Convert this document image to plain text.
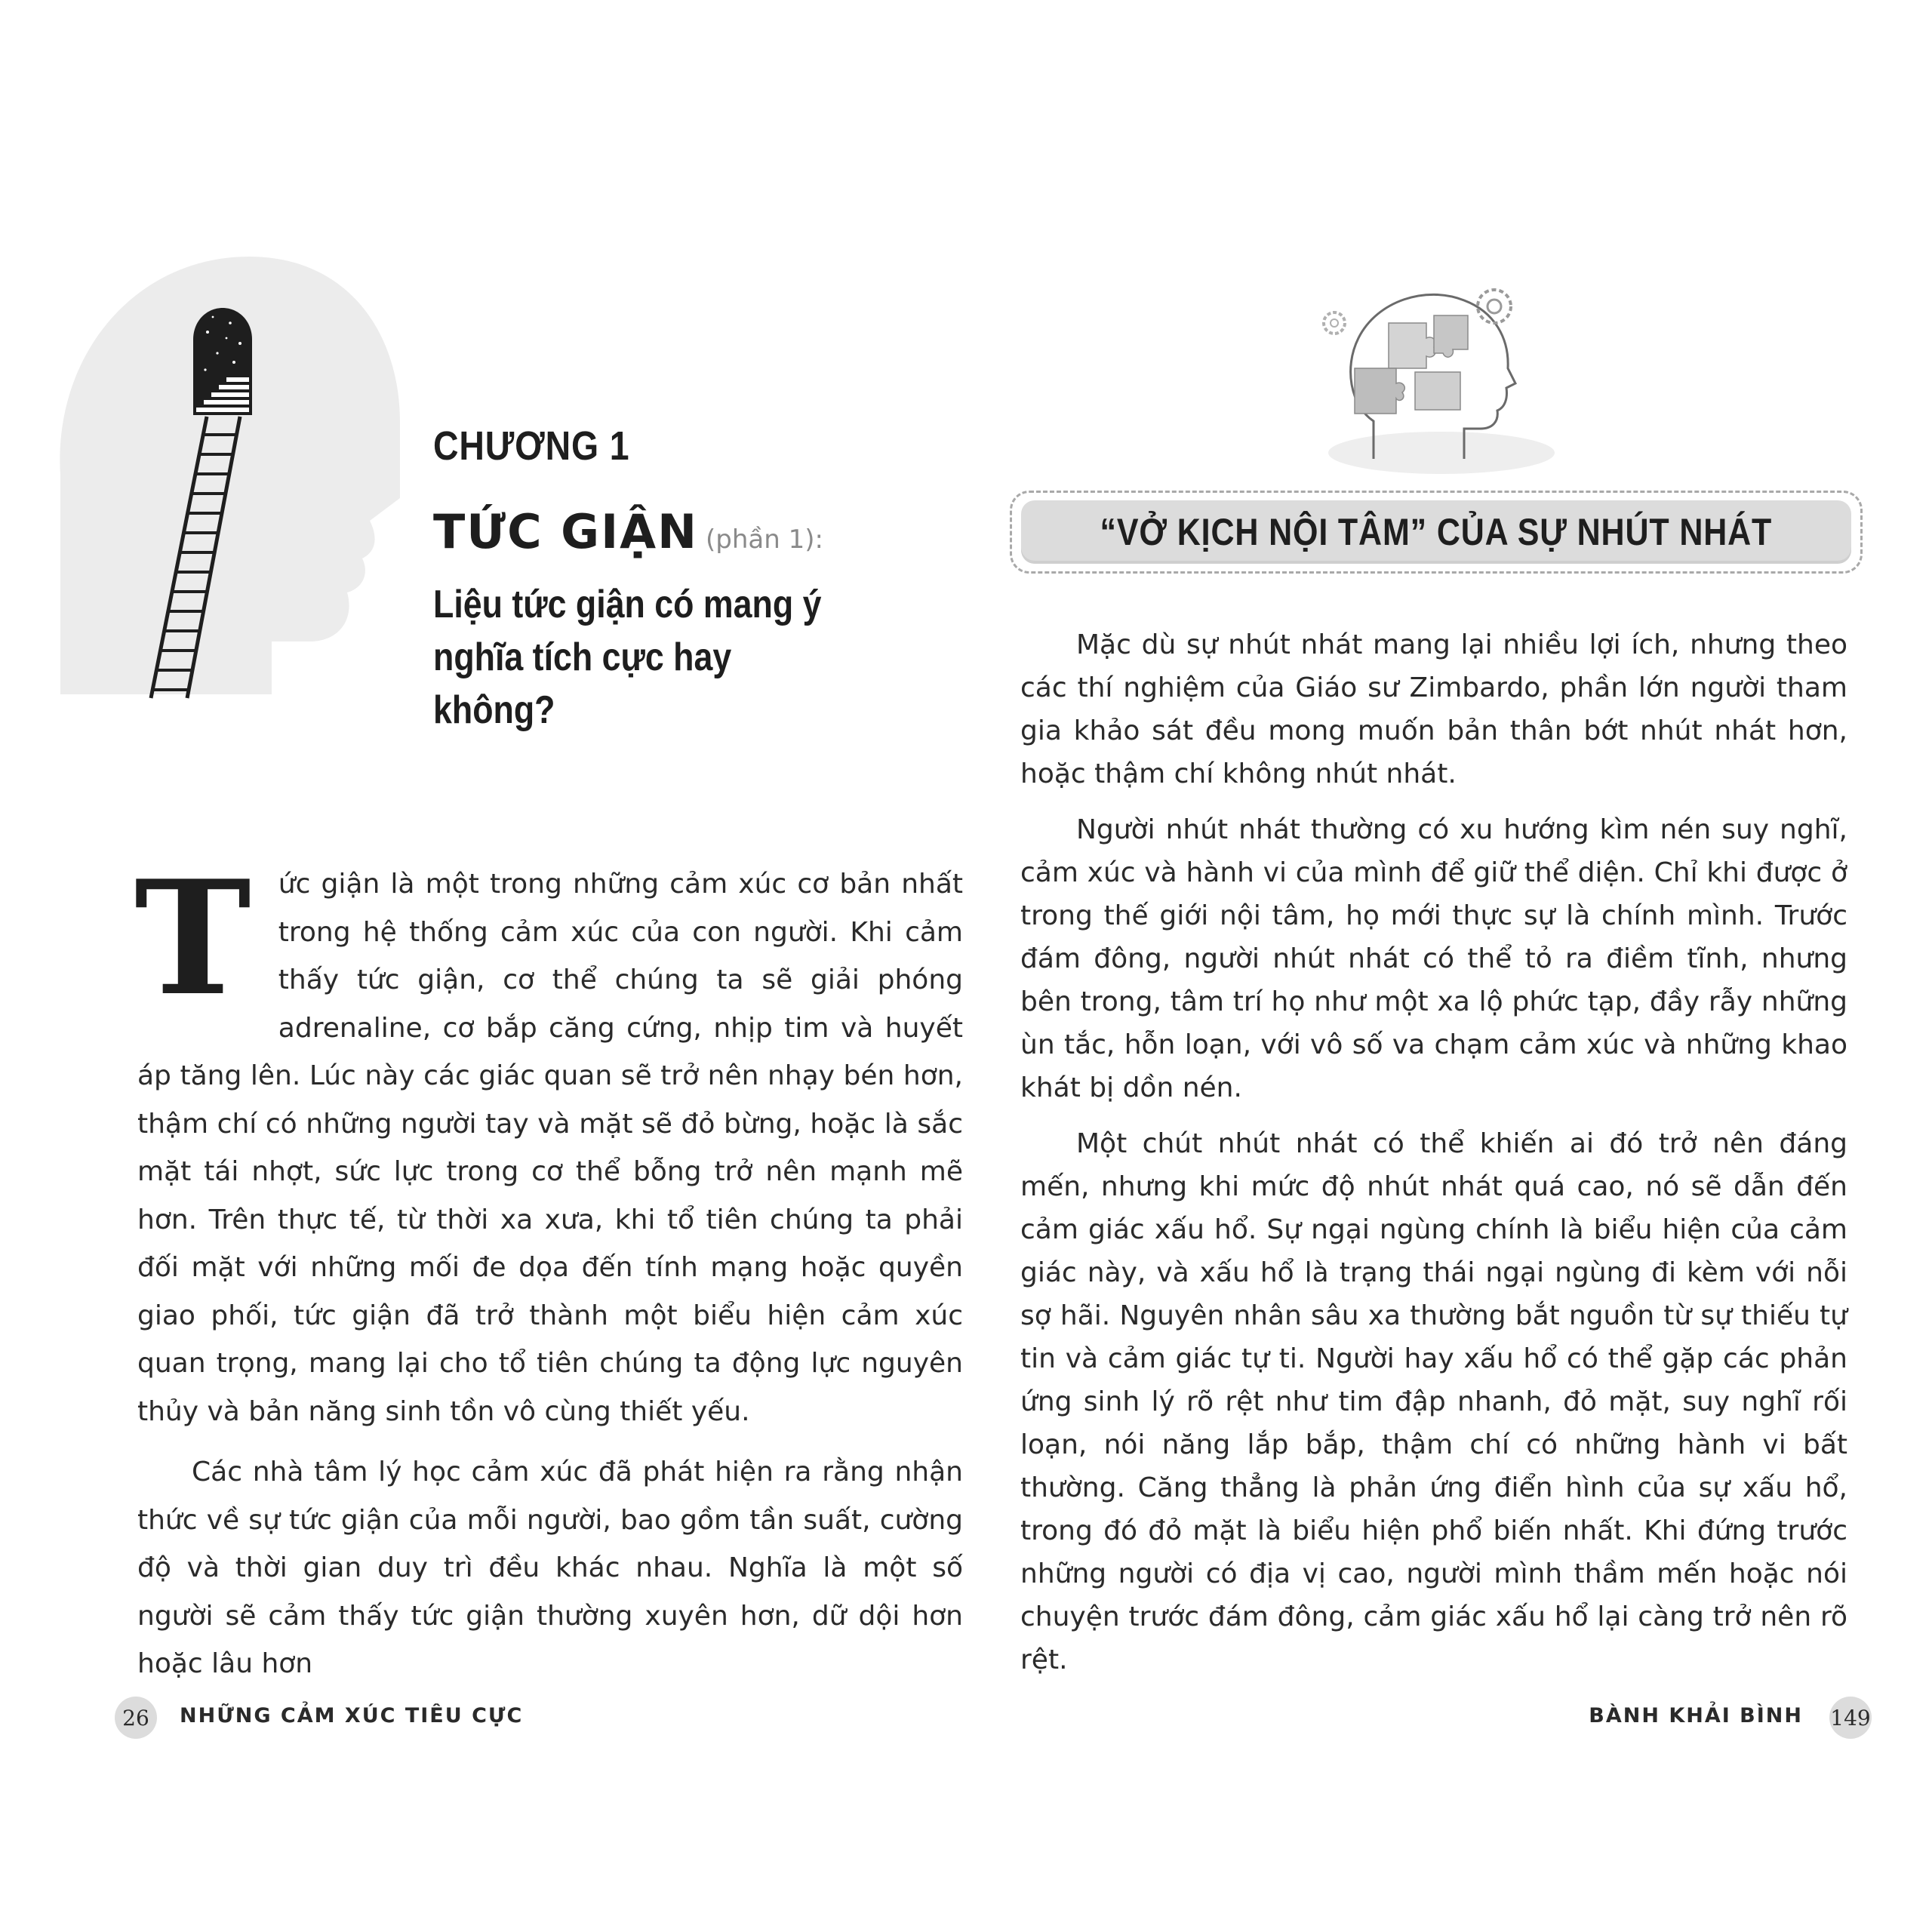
CHƯƠNG 1
TỨC GIẬN (phần 1):
Liệu tức giận có mang ý nghĩa tích cực hay không?

T ức giận là một trong những cảm xúc cơ bản nhất trong hệ thống cảm xúc của con người. Khi cảm thấy tức giận, cơ thể chúng ta sẽ giải phóng adrenaline, cơ bắp căng cứng, nhịp tim và huyết áp tăng lên. Lúc này các giác quan sẽ trở nên nhạy bén hơn, thậm chí có những người tay và mặt sẽ đỏ bừng, hoặc là sắc mặt tái nhợt, sức lực trong cơ thể bỗng trở nên mạnh mẽ hơn. Trên thực tế, từ thời xa xưa, khi tổ tiên chúng ta phải đối mặt với những mối đe dọa đến tính mạng hoặc quyền giao phối, tức giận đã trở thành một biểu hiện cảm xúc quan trọng, mang lại cho tổ tiên chúng ta động lực nguyên thủy và bản năng sinh tồn vô cùng thiết yếu.

Các nhà tâm lý học cảm xúc đã phát hiện ra rằng nhận thức về sự tức giận của mỗi người, bao gồm tần suất, cường độ và thời gian duy trì đều khác nhau. Nghĩa là một số người sẽ cảm thấy tức giận thường xuyên hơn, dữ dội hơn hoặc lâu hơn

26	NHỮNG CẢM XÚC TIÊU CỰC
“VỞ KỊCH NỘI TÂM” CỦA SỰ NHÚT NHÁT

Mặc dù sự nhút nhát mang lại nhiều lợi ích, nhưng theo các thí nghiệm của Giáo sư Zimbardo, phần lớn người tham gia khảo sát đều mong muốn bản thân bớt nhút nhát hơn, hoặc thậm chí không nhút nhát.

Người nhút nhát thường có xu hướng kìm nén suy nghĩ, cảm xúc và hành vi của mình để giữ thể diện. Chỉ khi được ở trong thế giới nội tâm, họ mới thực sự là chính mình. Trước đám đông, người nhút nhát có thể tỏ ra điềm tĩnh, nhưng bên trong, tâm trí họ như một xa lộ phức tạp, đầy rẫy những ùn tắc, hỗn loạn, với vô số va chạm cảm xúc và những khao khát bị dồn nén.

Một chút nhút nhát có thể khiến ai đó trở nên đáng mến, nhưng khi mức độ nhút nhát quá cao, nó sẽ dẫn đến cảm giác xấu hổ. Sự ngại ngùng chính là biểu hiện của cảm giác này, và xấu hổ là trạng thái ngại ngùng đi kèm với nỗi sợ hãi. Nguyên nhân sâu xa thường bắt nguồn từ sự thiếu tự tin và cảm giác tự ti. Người hay xấu hổ có thể gặp các phản ứng sinh lý rõ rệt như tim đập nhanh, đỏ mặt, suy nghĩ rối loạn, nói năng lắp bắp, thậm chí có những hành vi bất thường. Căng thẳng là phản ứng điển hình của sự xấu hổ, trong đó đỏ mặt là biểu hiện phổ biến nhất. Khi đứng trước những người có địa vị cao, người mình thầm mến hoặc nói chuyện trước đám đông, cảm giác xấu hổ lại càng trở nên rõ rệt.

BÀNH KHẢI BÌNH 149
